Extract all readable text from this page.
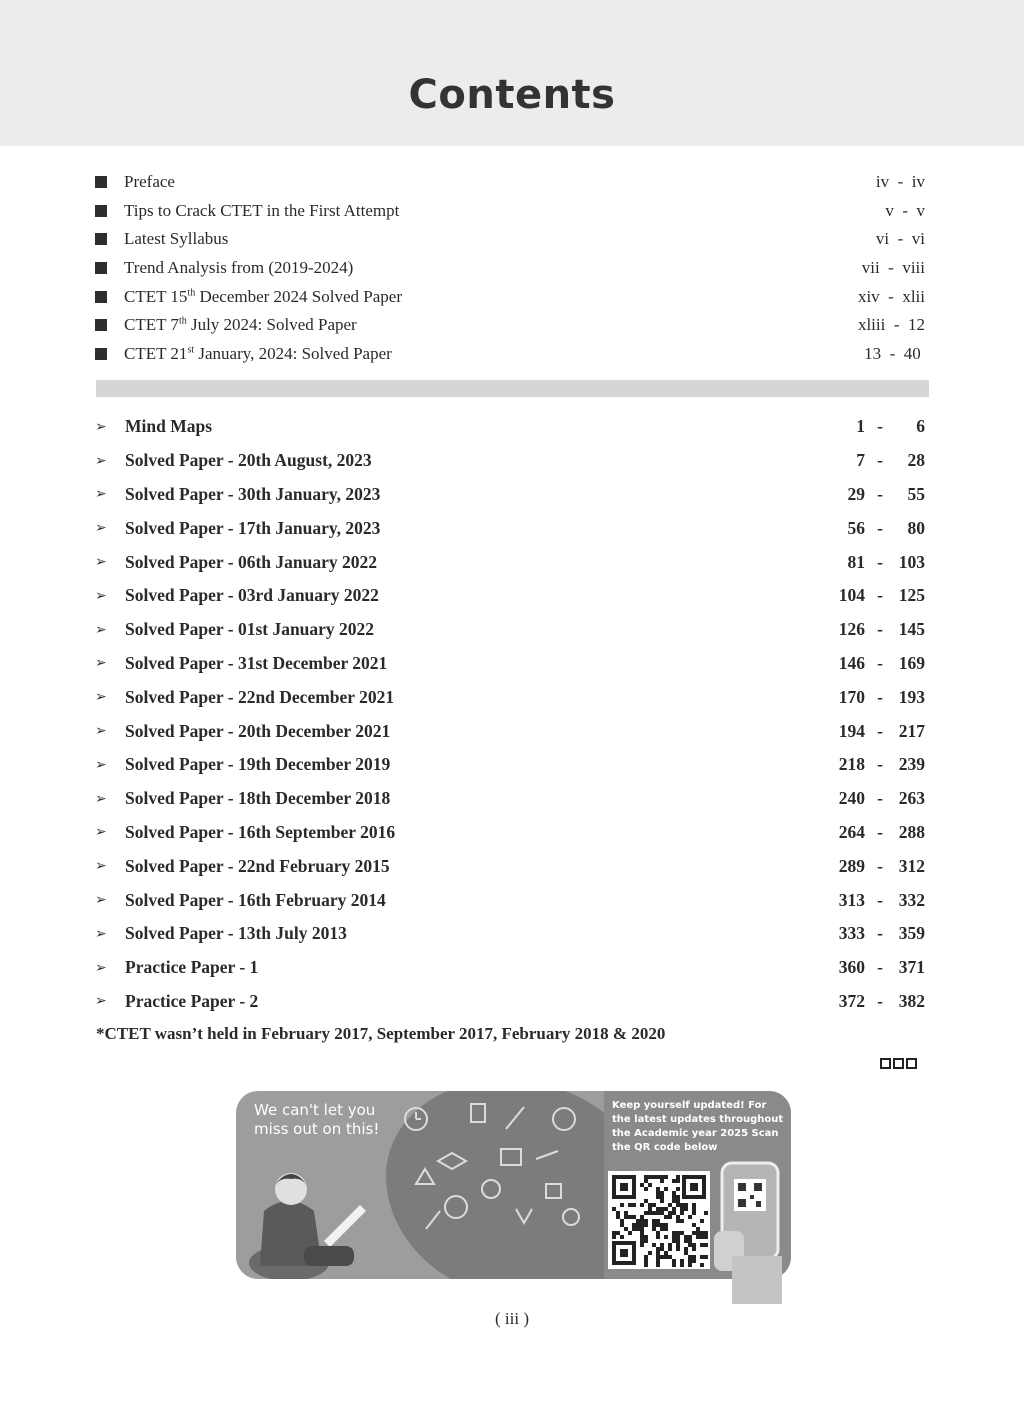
Contents
Preface	iv  -  iv
Tips to Crack CTET in the First Attempt	v  -  v
Latest Syllabus	vi  -  vi
Trend Analysis from (2019-2024)	vii  -  viii
CTET 15th December 2024 Solved Paper	xiv  -  xlii
CTET 7th July 2024: Solved Paper	xliii  -  12
CTET 21st January, 2024: Solved Paper	13  -  40
➢	Mind Maps	1 -	6
➢	Solved Paper - 20th August, 2023	7 -	28
➢	Solved Paper - 30th January, 2023	29 -	55
➢	Solved Paper - 17th January, 2023	56 -	80
➢	Solved Paper - 06th January 2022	81 - 103
➢	Solved Paper - 03rd January 2022	104 - 125
➢	Solved Paper - 01st January 2022	126 - 145
➢	Solved Paper - 31st December 2021	146 - 169
➢	Solved Paper - 22nd December 2021	170 - 193
➢	Solved Paper - 20th December 2021	194 - 217
➢	Solved Paper - 19th December 2019	218 - 239
➢	Solved Paper - 18th December 2018	240 - 263
➢	Solved Paper - 16th September 2016	264 - 288
➢	Solved Paper - 22nd February 2015	289 - 312
➢	Solved Paper - 16th February 2014	313 - 332
➢	Solved Paper - 13th July 2013	333 - 359
➢	Practice Paper - 1	360 - 371
➢	Practice Paper - 2	372 - 382
*CTET wasn’t held in February 2017, September 2017, February 2018 & 2020
We can't let you miss out on this!
Keep yourself updated! For the latest updates throughout the Academic year 2025 Scan the QR code below
( iii )
